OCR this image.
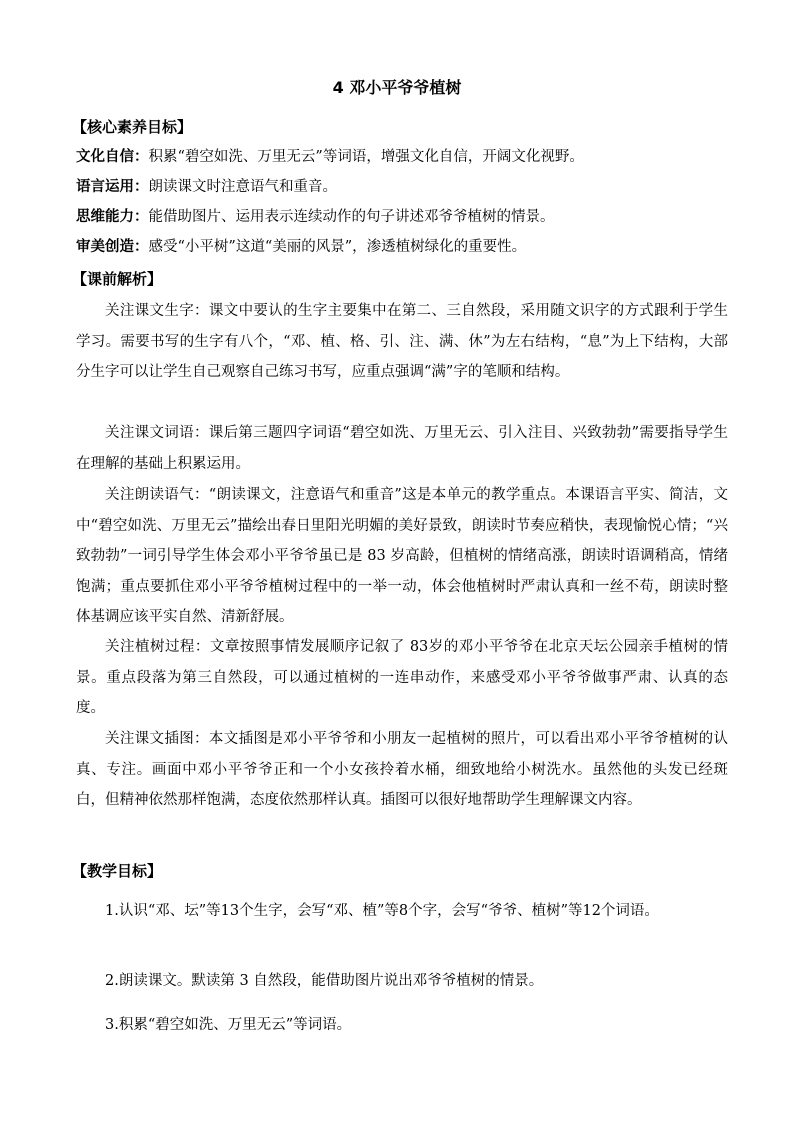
4 邓小平爷爷植树
【核心素养目标】
文化自信：积累“碧空如洗、万里无云”等词语，增强文化自信，开阔文化视野。
语言运用：朗读课文时注意语气和重音。
思维能力：能借助图片、运用表示连续动作的句子讲述邓爷爷植树的情景。
审美创造：感受“小平树”这道“美丽的风景”，渗透植树绿化的重要性。
【课前解析】
关注课文生字：课文中要认的生字主要集中在第二、三自然段，采用随文识字的方式跟利于学生学习。需要书写的生字有八个，“邓、植、格、引、注、满、休”为左右结构，“息”为上下结构，大部分生字可以让学生自己观察自己练习书写，应重点强调“满”字的笔顺和结构。
关注课文词语：课后第三题四字词语“碧空如洗、万里无云、引入注目、兴致勃勃”需要指导学生在理解的基础上积累运用。
关注朗读语气：“朗读课文，注意语气和重音”这是本单元的教学重点。本课语言平实、简洁，文中“碧空如洗、万里无云”描绘出春日里阳光明媚的美好景致，朗读时节奏应稍快，表现愉悦心情；“兴致勃勃”一词引导学生体会邓小平爷爷虽已是 83 岁高龄，但植树的情绪高涨，朗读时语调稍高，情绪饱满；重点要抓住邓小平爷爷植树过程中的一举一动，体会他植树时严肃认真和一丝不苟，朗读时整体基调应该平实自然、清新舒展。
关注植树过程：文章按照事情发展顺序记叙了 83岁的邓小平爷爷在北京天坛公园亲手植树的情景。重点段落为第三自然段，可以通过植树的一连串动作，来感受邓小平爷爷做事严肃、认真的态度。
关注课文插图：本文插图是邓小平爷爷和小朋友一起植树的照片，可以看出邓小平爷爷植树的认真、专注。画面中邓小平爷爷正和一个小女孩拎着水桶，细致地给小树洗水。虽然他的头发已经斑白，但精神依然那样饱满，态度依然那样认真。插图可以很好地帮助学生理解课文内容。
【教学目标】
1.认识“邓、坛”等13个生字，会写“邓、植”等8个字，会写“爷爷、植树”等12个词语。
2.朗读课文。默读第 3 自然段，能借助图片说出邓爷爷植树的情景。
3.积累“碧空如洗、万里无云”等词语。
